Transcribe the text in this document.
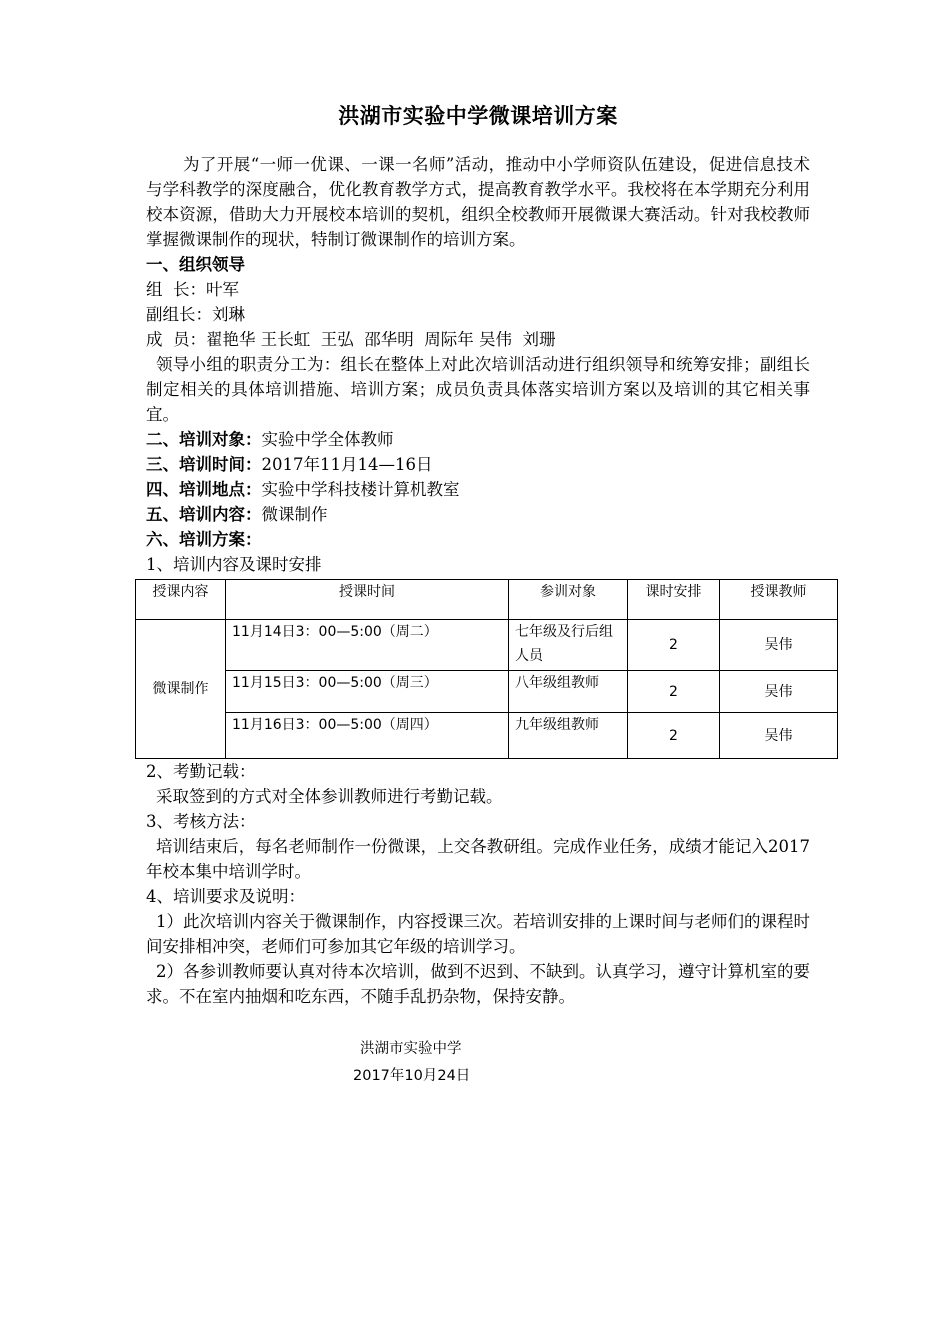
洪湖市实验中学微课培训方案

为了开展“一师一优课、一课一名师”活动，推动中小学师资队伍建设，促进信息技术与学科教学的深度融合，优化教育教学方式，提高教育教学水平。我校将在本学期充分利用校本资源，借助大力开展校本培训的契机，组织全校教师开展微课大赛活动。针对我校教师掌握微课制作的现状，特制订微课制作的培训方案。

一、组织领导

组  长：叶军

副组长：刘琳

成  员：翟艳华 王长虹  王弘  邵华明  周际年 吴伟  刘珊

领导小组的职责分工为：组长在整体上对此次培训活动进行组织领导和统筹安排；副组长制定相关的具体培训措施、培训方案；成员负责具体落实培训方案以及培训的其它相关事宜。

二、培训对象：实验中学全体教师

三、培训时间：2017年11月14—16日

四、培训地点：实验中学科技楼计算机教室

五、培训内容：微课制作

六、培训方案：

1、培训内容及课时安排

授课内容	授课时间	参训对象	课时安排	授课教师
微课制作	11月14日3：00—5:00（周二）	七年级及行后组人员	2	吴伟
	11月15日3：00—5:00（周三）	八年级组教师	2	吴伟
	11月16日3：00—5:00（周四）	九年级组教师	2	吴伟

2、考勤记载：

采取签到的方式对全体参训教师进行考勤记载。

3、考核方法：

培训结束后，每名老师制作一份微课，上交各教研组。完成作业任务，成绩才能记入2017年校本集中培训学时。

4、培训要求及说明：

1）此次培训内容关于微课制作，内容授课三次。若培训安排的上课时间与老师们的课程时间安排相冲突，老师们可参加其它年级的培训学习。

2）各参训教师要认真对待本次培训，做到不迟到、不缺到。认真学习，遵守计算机室的要求。不在室内抽烟和吃东西，不随手乱扔杂物，保持安静。

洪湖市实验中学
2017年10月24日
